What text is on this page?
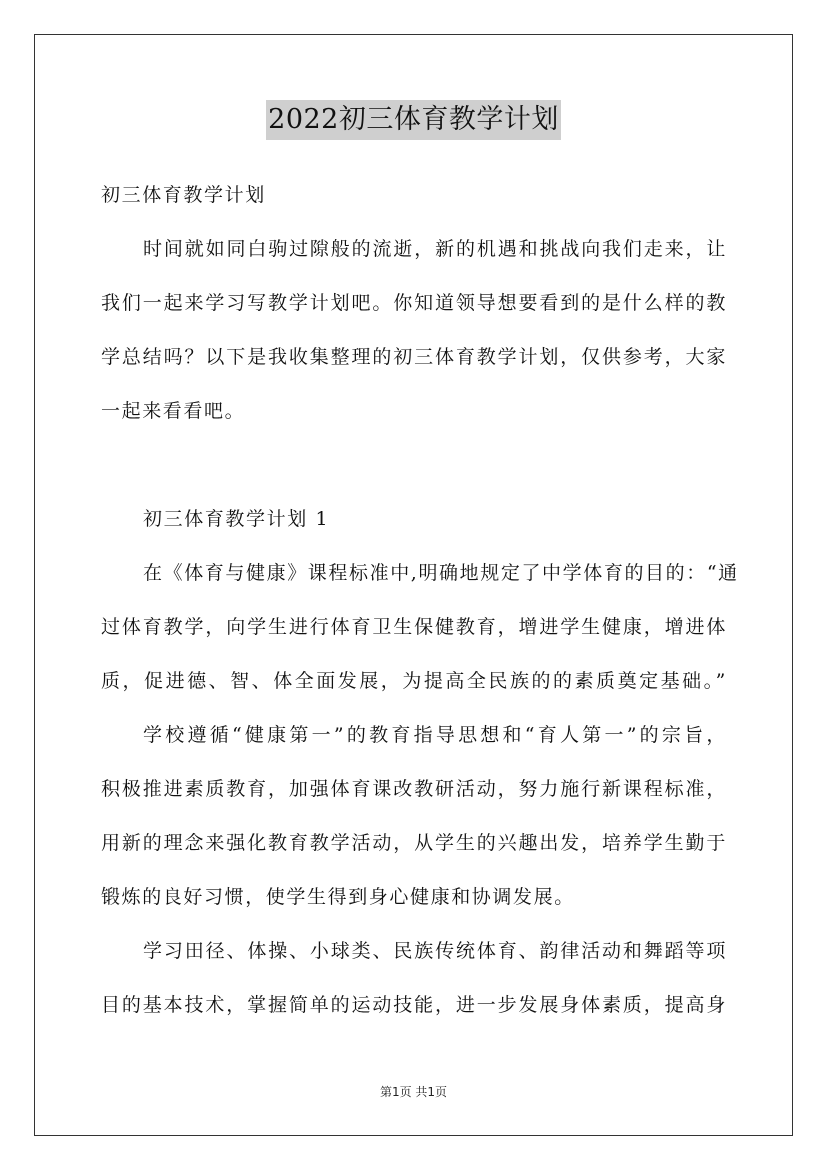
2022初三体育教学计划
初三体育教学计划
时间就如同白驹过隙般的流逝，新的机遇和挑战向我们走来，让
我们一起来学习写教学计划吧。你知道领导想要看到的是什么样的教
学总结吗？以下是我收集整理的初三体育教学计划，仅供参考，大家
一起来看看吧。
初三体育教学计划 1
在《体育与健康》课程标准中,明确地规定了中学体育的目的：“通
过体育教学，向学生进行体育卫生保健教育，增进学生健康，增进体
质，促进德、智、体全面发展，为提高全民族的的素质奠定基础。”
学校遵循“健康第一”的教育指导思想和“育人第一”的宗旨，
积极推进素质教育，加强体育课改教研活动，努力施行新课程标准，
用新的理念来强化教育教学活动，从学生的兴趣出发，培养学生勤于
锻炼的良好习惯，使学生得到身心健康和协调发展。
学习田径、体操、小球类、民族传统体育、韵律活动和舞蹈等项
目的基本技术，掌握简单的运动技能，进一步发展身体素质，提高身
第1页 共1页
